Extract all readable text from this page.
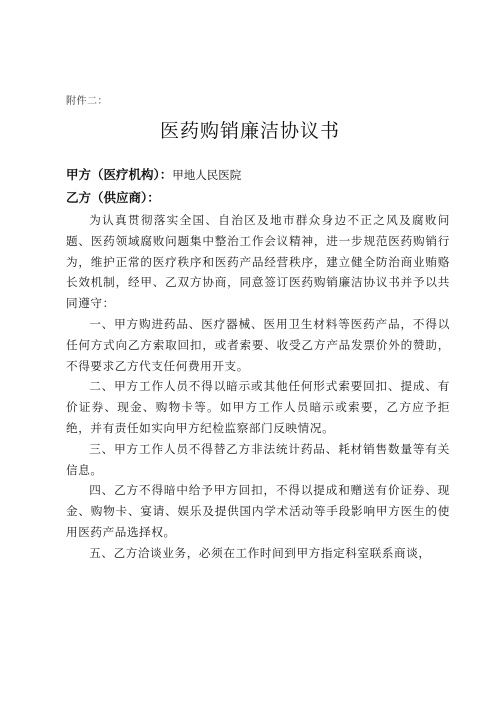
附件二：
医药购销廉洁协议书
甲方（医疗机构）：甲地人民医院
乙方（供应商）：

为认真贯彻落实全国、自治区及地市群众身边不正之风及腐败问题、医药领域腐败问题集中整治工作会议精神，进一步规范医药购销行为，维护正常的医疗秩序和医药产品经营秩序，建立健全防治商业贿赂长效机制，经甲、乙双方协商，同意签订医药购销廉洁协议书并予以共同遵守：

一、甲方购进药品、医疗器械、医用卫生材料等医药产品，不得以任何方式向乙方索取回扣，或者索要、收受乙方产品发票价外的赞助，不得要求乙方代支任何费用开支。

二、甲方工作人员不得以暗示或其他任何形式索要回扣、提成、有价证券、现金、购物卡等。如甲方工作人员暗示或索要，乙方应予拒绝，并有责任如实向甲方纪检监察部门反映情况。

三、甲方工作人员不得替乙方非法统计药品、耗材销售数量等有关信息。

四、乙方不得暗中给予甲方回扣，不得以提成和赠送有价证券、现金、购物卡、宴请、娱乐及提供国内学术活动等手段影响甲方医生的使用医药产品选择权。

五、乙方洽谈业务，必须在工作时间到甲方指定科室联系商谈，
